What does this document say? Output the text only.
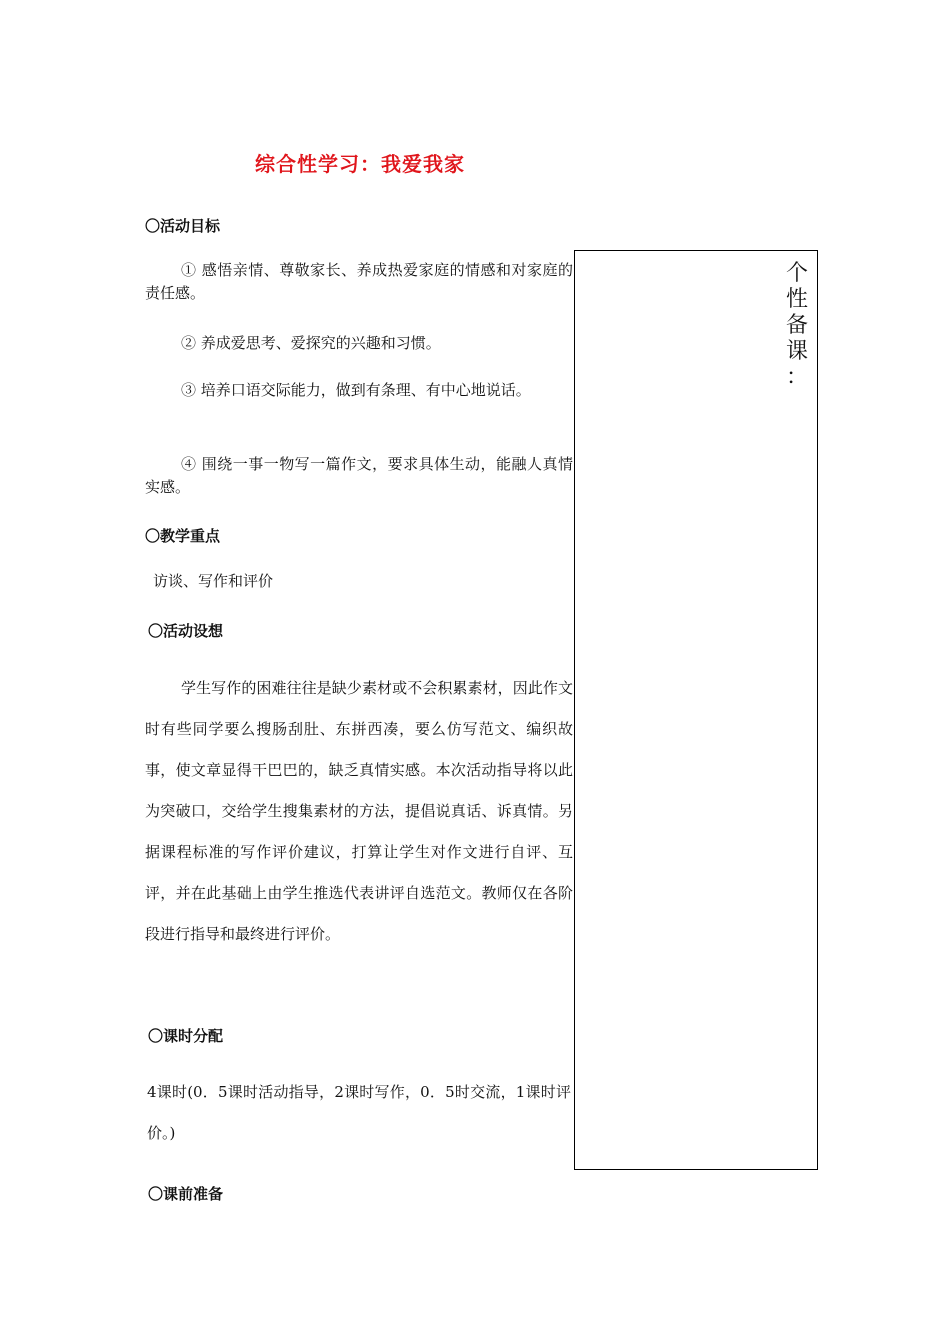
综合性学习：我爱我家
〇活动目标
① 感悟亲情、尊敬家长、养成热爱家庭的情感和对家庭的责任感。
② 养成爱思考、爱探究的兴趣和习惯。
③ 培养口语交际能力，做到有条理、有中心地说话。
④ 围绕一事一物写一篇作文，要求具体生动，能融人真情实感。
〇教学重点
访谈、写作和评价
〇活动设想
学生写作的困难往往是缺少素材或不会积累素材，因此作文时有些同学要么搜肠刮肚、东拼西凑，要么仿写范文、编织故事，使文章显得干巴巴的，缺乏真情实感。本次活动指导将以此为突破口，交给学生搜集素材的方法，提倡说真话、诉真情。另据课程标准的写作评价建议，打算让学生对作文进行自评、互评，并在此基础上由学生推选代表讲评自选范文。教师仅在各阶段进行指导和最终进行评价。
〇课时分配
4课时(0．5课时活动指导，2课时写作，0．5时交流，1课时评价。)
〇课前准备
个
性
备
课
：
